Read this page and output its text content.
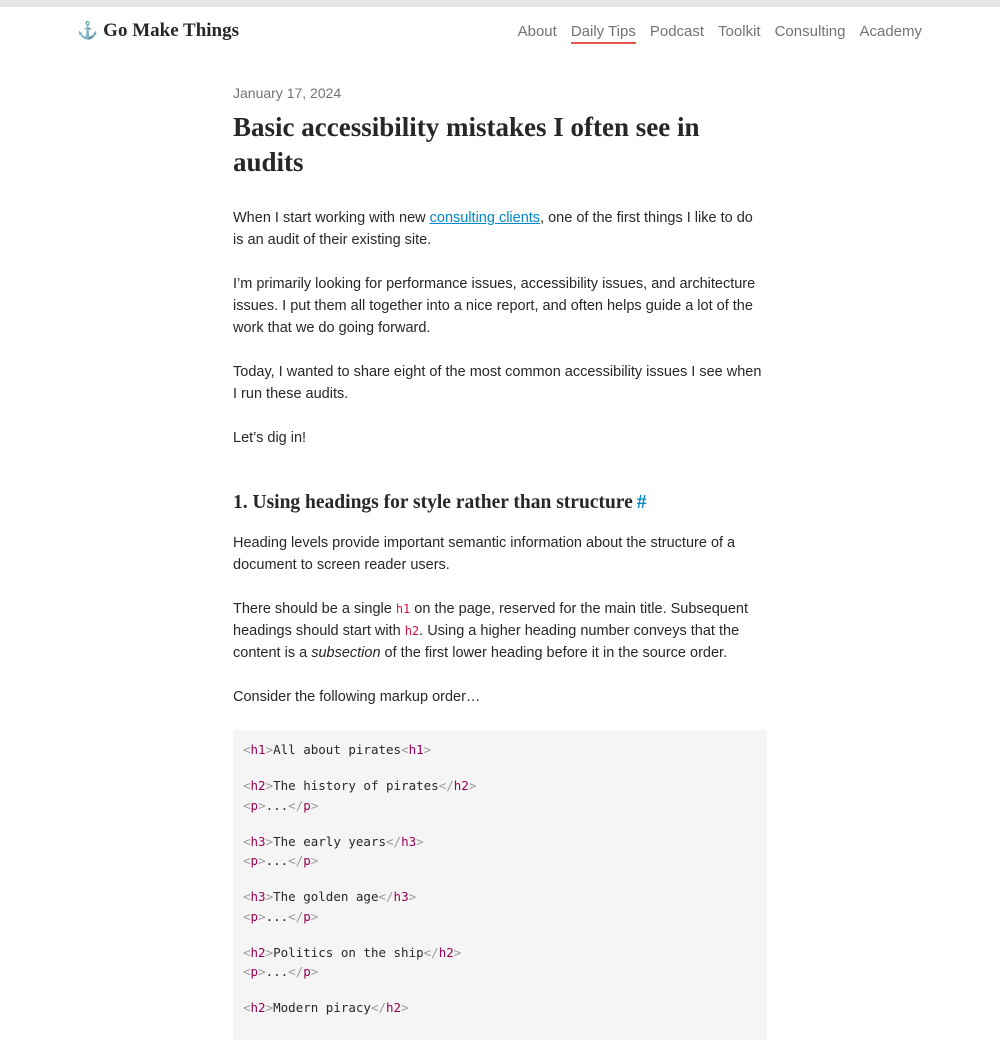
⚓ Go Make Things	About Daily Tips Podcast Toolkit Consulting Academy

January 17, 2024

Basic accessibility mistakes I often see in audits

When I start working with new consulting clients, one of the first things I like to do is an audit of their existing site.

I’m primarily looking for performance issues, accessibility issues, and architecture issues. I put them all together into a nice report, and often helps guide a lot of the work that we do going forward.

Today, I wanted to share eight of the most common accessibility issues I see when I run these audits.

Let’s dig in!

1. Using headings for style rather than structure #

Heading levels provide important semantic information about the structure of a document to screen reader users.

There should be a single h1 on the page, reserved for the main title. Subsequent headings should start with h2. Using a higher heading number conveys that the content is a subsection of the first lower heading before it in the source order.

Consider the following markup order…

<h1>All about pirates<h1>
<h2>The history of pirates</h2>
<p>...</p>
<h3>The early years</h3>
<p>...</p>
<h3>The golden age</h3>
<p>...</p>
<h2>Politics on the ship</h2>
<p>...</p>
<h2>Modern piracy</h2>
